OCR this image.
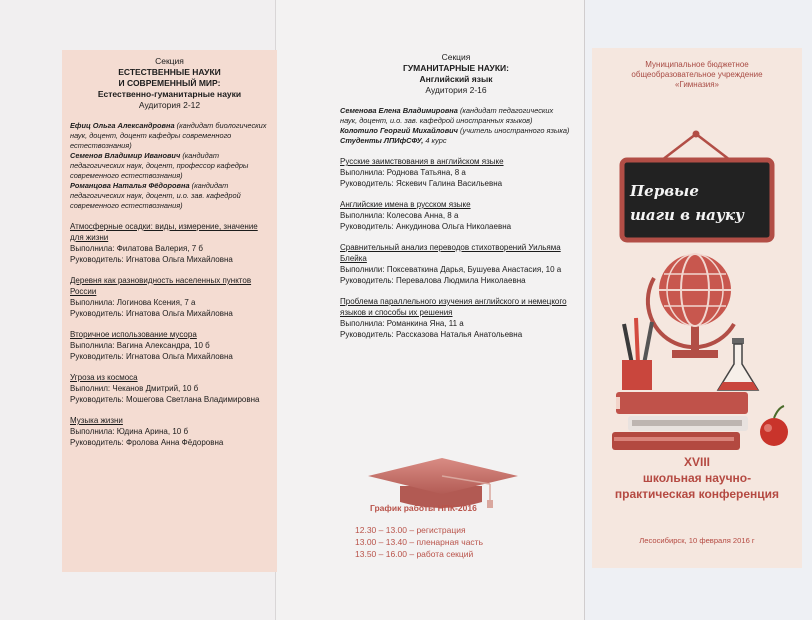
Секция
ЕСТЕСТВЕННЫЕ НАУКИ
И СОВРЕМЕННЫЙ МИР:
Естественно-гуманитарные науки
Аудитория 2-12
Ефиц Ольга Александровна (кандидат биологических наук, доцент, доцент кафедры современного естествознания)
Семенов Владимир Иванович (кандидат педагогических наук, доцент, профессор кафедры современного естествознания)
Романцова Наталья Фёдоровна (кандидат педагогических наук, доцент, и.о. зав. кафедрой современного естествознания)
Атмосферные осадки: виды, измерение, значение для жизни
Выполнила: Филатова Валерия, 7 б
Руководитель: Игнатова Ольга Михайловна
Деревня как разновидность населенных пунктов России
Выполнила: Логинова Ксения, 7 а
Руководитель: Игнатова Ольга Михайловна
Вторичное использование мусора
Выполнила: Вагина Александра, 10 б
Руководитель: Игнатова Ольга Михайловна
Угроза из космоса
Выполнил: Чеканов Дмитрий, 10 б
Руководитель: Мошегова Светлана Владимировна
Музыка жизни
Выполнила: Юдина Арина, 10 б
Руководитель: Фролова Анна Фёдоровна
Секция
ГУМАНИТАРНЫЕ НАУКИ:
Английский язык
Аудитория 2-16
Семенова Елена Владимировна (кандидат педагогических наук, доцент, и.о. зав. кафедрой иностранных языков)
Колотило Георгий Михайлович (учитель иностранного языка)
Студенты ЛПИфСФУ, 4 курс
Русские заимствования в английском языке
Выполнила: Роднова Татьяна, 8 а
Руководитель: Яскевич Галина Васильевна
Английские имена в русском языке
Выполнила: Колесова Анна, 8 а
Руководитель: Анкудинова Ольга Николаевна
Сравнительный анализ переводов стихотворений Уильяма Блейка
Выполнили: Поксеваткина Дарья, Бушуева Анастасия, 10 а
Руководитель: Перевалова Людмила Николаевна
Проблема параллельного изучения английского и немецкого языков и способы их решения
Выполнила: Романкина Яна, 11 а
Руководитель: Рассказова Наталья Анатольевна
График работы НПК-2016
12.30 – 13.00 – регистрация
13.00 – 13.40 – пленарная часть
13.50 – 16.00 – работа секций
Муниципальное бюджетное
общеобразовательное учреждение
«Гимназия»
Первые
шаги в науку
XVIII
школьная научно-
практическая конференция
Лесосибирск, 10 февраля 2016 г
